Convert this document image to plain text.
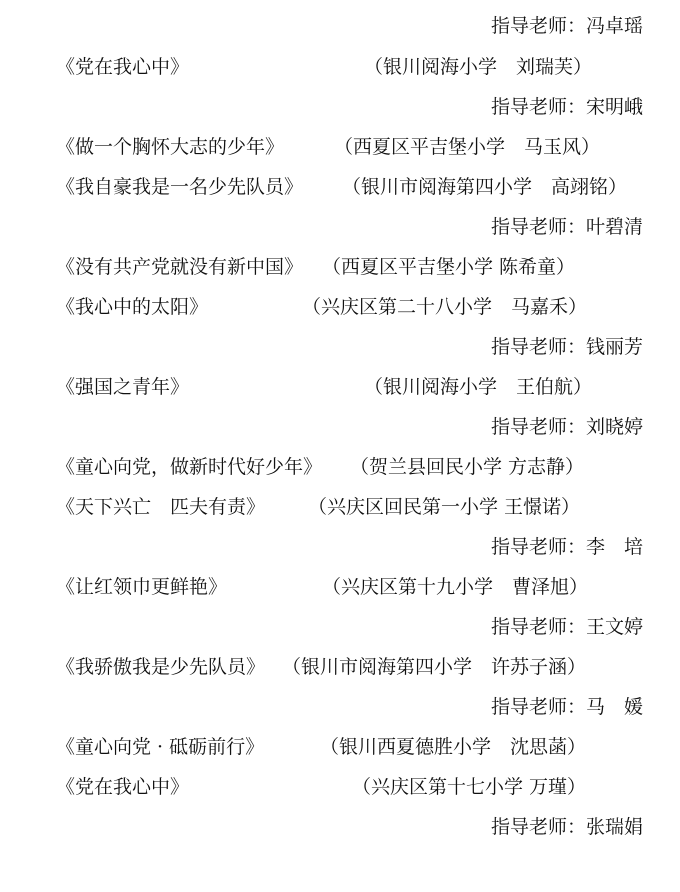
指导老师：冯卓瑶

《党在我心中》

	（银川阅海小学　刘瑞芙）

指导老师：宋明峨

《做一个胸怀大志的少年》

	（西夏区平吉堡小学　马玉风）

《我自豪我是一名少先队员》

（银川市阅海第四小学　高翊铭）

指导老师：叶碧清

《没有共产党就没有新中国》

（西夏区平吉堡小学 陈希童）

《我心中的太阳》

	（兴庆区第二十八小学　马嘉禾）

指导老师：钱丽芳

《强国之青年》

	（银川阅海小学　王伯航）

指导老师：刘晓婷

《童心向党，做新时代好少年》

（贺兰县回民小学 方志静）

《天下兴亡　匹夫有责》

（兴庆区回民第一小学 王憬诺）

指导老师：李　培

《让红领巾更鲜艳》

	（兴庆区第十九小学　曹泽旭）

指导老师：王文婷

《我骄傲我是少先队员》

（银川市阅海第四小学　许苏子涵）

指导老师：马　媛

《童心向党 · 砥砺前行》

	（银川西夏德胜小学　沈思菡）

《党在我心中》

	（兴庆区第十七小学 万瑾）

指导老师：张瑞娟
